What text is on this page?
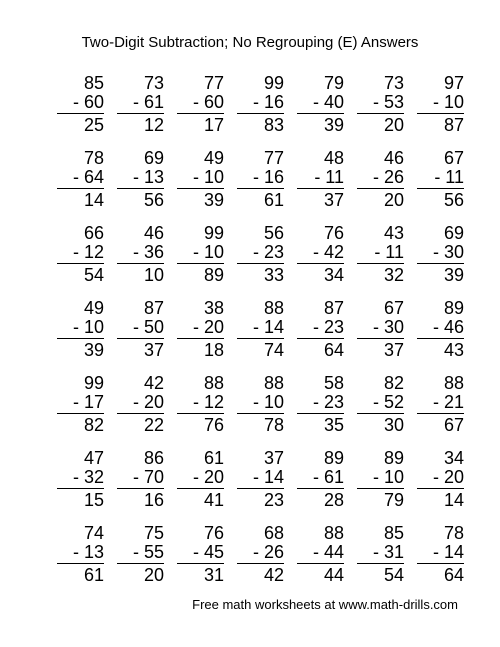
Two-Digit Subtraction; No Regrouping (E) Answers
85
- 60
25
73
- 61
12
77
- 60
17
99
- 16
83
79
- 40
39
73
- 53
20
97
- 10
87
78
- 64
14
69
- 13
56
49
- 10
39
77
- 16
61
48
- 11
37
46
- 26
20
67
- 11
56
66
- 12
54
46
- 36
10
99
- 10
89
56
- 23
33
76
- 42
34
43
- 11
32
69
- 30
39
49
- 10
39
87
- 50
37
38
- 20
18
88
- 14
74
87
- 23
64
67
- 30
37
89
- 46
43
99
- 17
82
42
- 20
22
88
- 12
76
88
- 10
78
58
- 23
35
82
- 52
30
88
- 21
67
47
- 32
15
86
- 70
16
61
- 20
41
37
- 14
23
89
- 61
28
89
- 10
79
34
- 20
14
74
- 13
61
75
- 55
20
76
- 45
31
68
- 26
42
88
- 44
44
85
- 31
54
78
- 14
64
Free math worksheets at www.math-drills.com
